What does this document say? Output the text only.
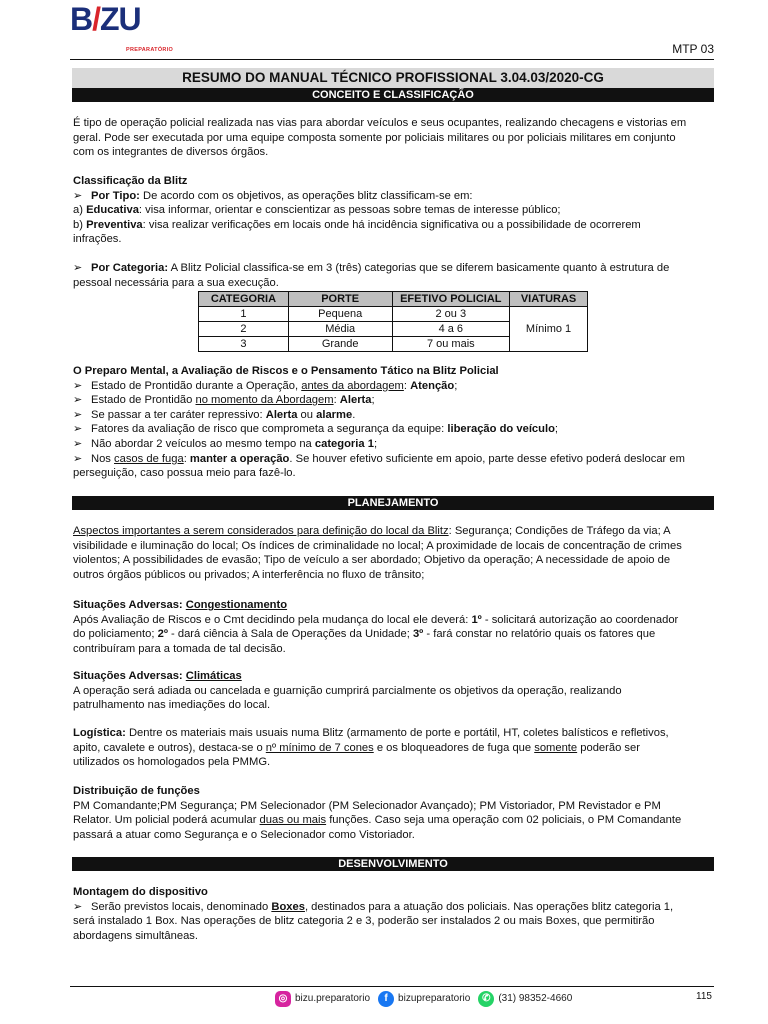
B/ZU
PREPARATÓRIO	MTP 03
RESUMO DO MANUAL TÉCNICO PROFISSIONAL 3.04.03/2020-CG
CONCEITO E CLASSIFICAÇÃO
É tipo de operação policial realizada nas vias para abordar veículos e seus ocupantes, realizando checagens e vistorias em
geral. Pode ser executada por uma equipe composta somente por policiais militares ou por policiais militares em conjunto
com os integrantes de diversos órgãos.
Classificação da Blitz
➢ Por Tipo: De acordo com os objetivos, as operações blitz classificam-se em:
a) Educativa: visa informar, orientar e conscientizar as pessoas sobre temas de interesse público;
b) Preventiva: visa realizar verificações em locais onde há incidência significativa ou a possibilidade de ocorrerem
infrações.
➢ Por Categoria: A Blitz Policial classifica-se em 3 (três) categorias que se diferem basicamente quanto à estrutura de
pessoal necessária para a sua execução.
CATEGORIA	PORTE	EFETIVO POLICIAL	VIATURAS
1	Pequena	2 ou 3	Mínimo 1
2	Média	4 a 6	
3	Grande	7 ou mais	
O Preparo Mental, a Avaliação de Riscos e o Pensamento Tático na Blitz Policial
➢ Estado de Prontidão durante a Operação, antes da abordagem: Atenção;
➢ Estado de Prontidão no momento da Abordagem: Alerta;
➢ Se passar a ter caráter repressivo: Alerta ou alarme.
➢ Fatores da avaliação de risco que comprometa a segurança da equipe: liberação do veículo;
➢ Não abordar 2 veículos ao mesmo tempo na categoria 1;
➢ Nos casos de fuga: manter a operação. Se houver efetivo suficiente em apoio, parte desse efetivo poderá deslocar em
perseguição, caso possua meio para fazê-lo.
PLANEJAMENTO
Aspectos importantes a serem considerados para definição do local da Blitz: Segurança; Condições de Tráfego da via; A
visibilidade e iluminação do local; Os índices de criminalidade no local; A proximidade de locais de concentração de crimes
violentos; A possibilidades de evasão; Tipo de veículo a ser abordado; Objetivo da operação; A necessidade de apoio de
outros órgãos públicos ou privados; A interferência no fluxo de trânsito;
Situações Adversas: Congestionamento
Após Avaliação de Riscos e o Cmt decidindo pela mudança do local ele deverá: 1º - solicitará autorização ao coordenador
do policiamento; 2º - dará ciência à Sala de Operações da Unidade; 3º - fará constar no relatório quais os fatores que
contribuíram para a tomada de tal decisão.
Situações Adversas: Climáticas
A operação será adiada ou cancelada e guarnição cumprirá parcialmente os objetivos da operação, realizando
patrulhamento nas imediações do local.
Logística: Dentre os materiais mais usuais numa Blitz (armamento de porte e portátil, HT, coletes balísticos e refletivos,
apito, cavalete e outros), destaca-se o nº mínimo de 7 cones e os bloqueadores de fuga que somente poderão ser
utilizados os homologados pela PMMG.
Distribuição de funções
PM Comandante;PM Segurança; PM Selecionador (PM Selecionador Avançado); PM Vistoriador, PM Revistador e PM
Relator. Um policial poderá acumular duas ou mais funções. Caso seja uma operação com 02 policiais, o PM Comandante
passará a atuar como Segurança e o Selecionador como Vistoriador.
DESENVOLVIMENTO
Montagem do dispositivo
➢ Serão previstos locais, denominado Boxes, destinados para a atuação dos policiais. Nas operações blitz categoria 1,
será instalado 1 Box. Nas operações de blitz categoria 2 e 3, poderão ser instalados 2 ou mais Boxes, que permitirão
abordagens simultâneas.
◎ bizu.preparatorio	f	bizupreparatorio	✆ (31) 98352-4660	115
